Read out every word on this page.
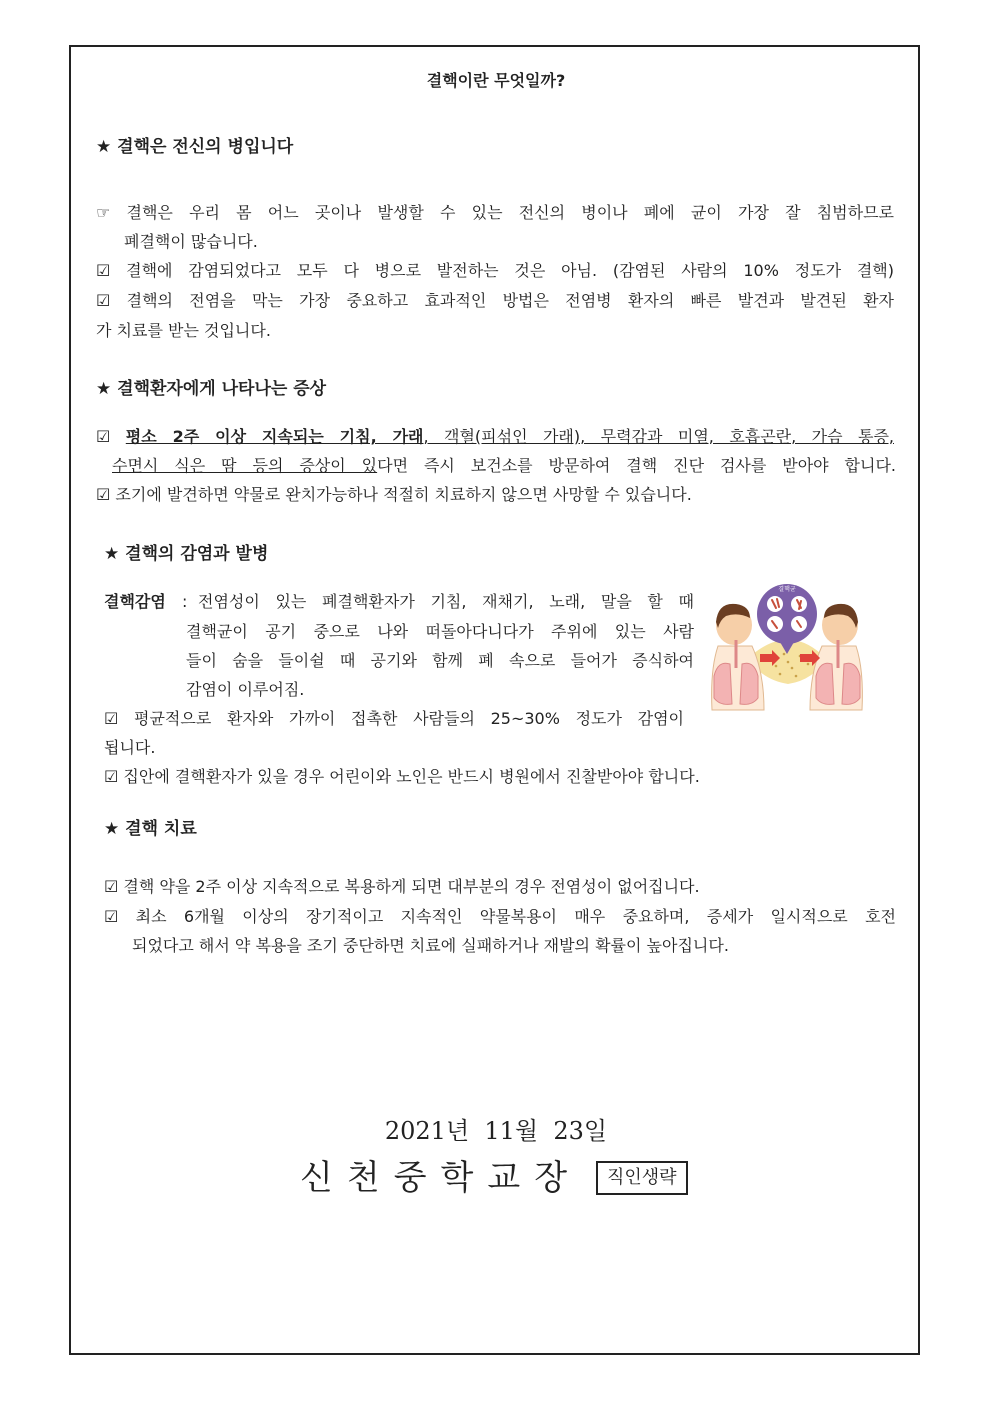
결핵이란 무엇일까?
★ 결핵은 전신의 병입니다
☞ 결핵은 우리 몸 어느 곳이나 발생할 수 있는 전신의 병이나 폐에 균이 가장 잘 침범하므로
폐결핵이 많습니다.
☑ 결핵에 감염되었다고 모두 다 병으로 발전하는 것은 아님. (감염된 사람의 10% 정도가 결핵)
☑ 결핵의 전염을 막는 가장 중요하고 효과적인 방법은 전염병 환자의 빠른 발견과 발견된 환자
가 치료를 받는 것입니다.
★ 결핵환자에게 나타나는 증상
☑ 평소 2주 이상 지속되는 기침, 가래, 객혈(피섞인 가래), 무력감과 미열, 호흡곤란, 가슴 통증,
수면시 식은 땀 등의 증상이 있다면 즉시 보건소를 방문하여 결핵 진단 검사를 받아야 합니다.
☑ 조기에 발견하면 약물로 완치가능하나 적절히 치료하지 않으면 사망할 수 있습니다.
★ 결핵의 감염과 발병
결핵감염 : 전염성이 있는 폐결핵환자가 기침, 재채기, 노래, 말을 할 때
결핵균이 공기 중으로 나와 떠돌아다니다가 주위에 있는 사람
들이 숨을 들이쉴 때 공기와 함께 폐 속으로 들어가 증식하여
감염이 이루어짐.
☑ 평균적으로 환자와 가까이 접촉한 사람들의 25~30% 정도가 감염이
됩니다.
☑ 집안에 결핵환자가 있을 경우 어린이와 노인은 반드시 병원에서 진찰받아야 합니다.
결핵균
★ 결핵 치료
☑ 결핵 약을 2주 이상 지속적으로 복용하게 되면 대부분의 경우 전염성이 없어집니다.
☑ 최소 6개월 이상의 장기적이고 지속적인 약물복용이 매우 중요하며, 증세가 일시적으로 호전
되었다고 해서 약 복용을 조기 중단하면 치료에 실패하거나 재발의 확률이 높아집니다.
2021년  11월  23일
신천중학교장	직인생략
